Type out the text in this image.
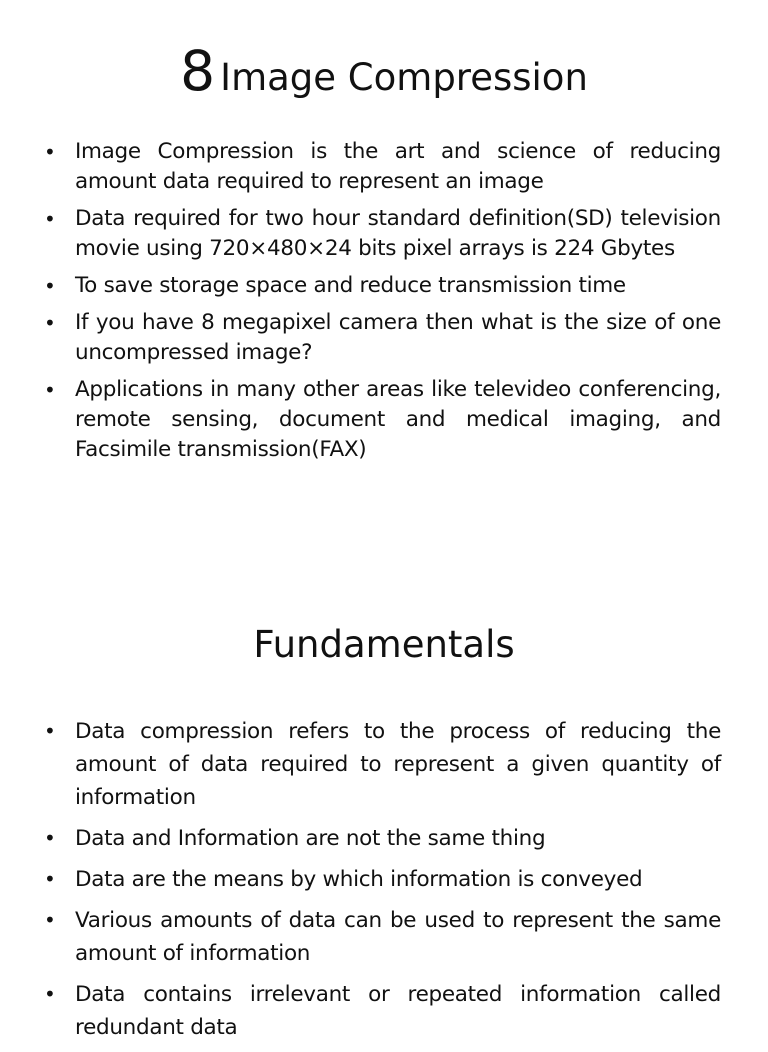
8 Image Compression
• Image Compression is the art and science of reducing amount data required to represent an image
• Data required for two hour standard definition(SD) television movie using 720×480×24 bits pixel arrays is 224 Gbytes
• To save storage space and reduce transmission time
• If you have 8 megapixel camera then what is the size of one uncompressed image?
• Applications in many other areas like televideo conferencing, remote sensing, document and medical imaging, and Facsimile transmission(FAX)
Fundamentals
• Data compression refers to the process of reducing the amount of data required to represent a given quantity of information
• Data and Information are not the same thing
• Data are the means by which information is conveyed
• Various amounts of data can be used to represent the same amount of information
• Data contains irrelevant or repeated information called redundant data
